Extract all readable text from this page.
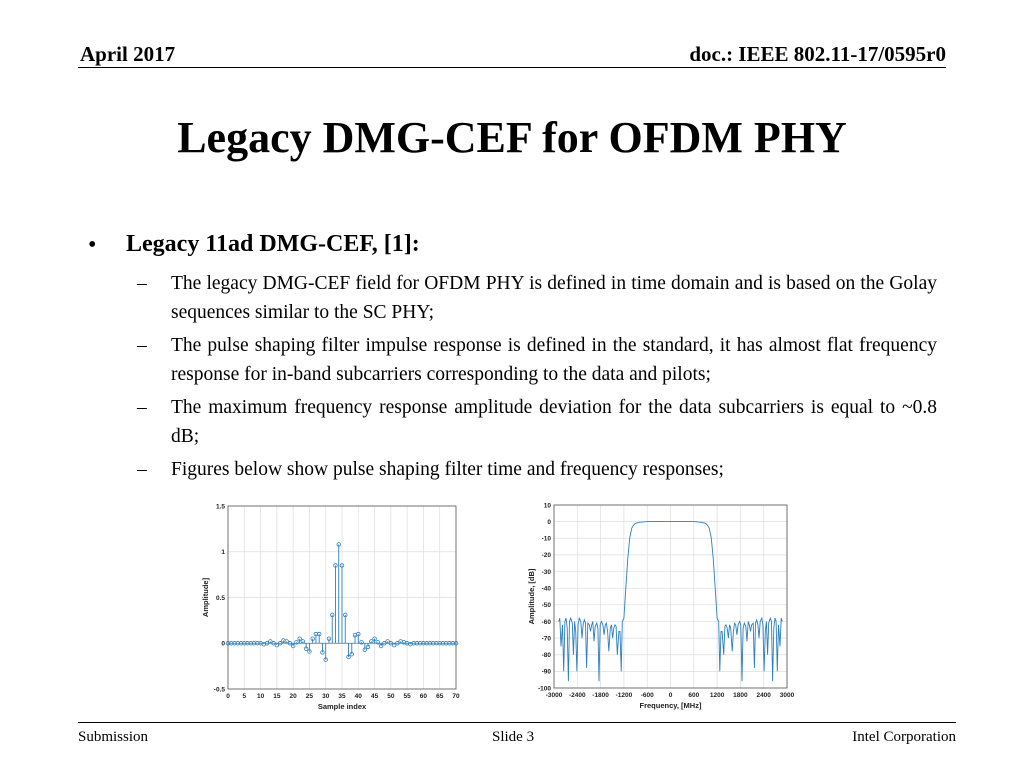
April 2017	doc.: IEEE 802.11-17/0595r0
Legacy DMG-CEF for OFDM PHY
• Legacy 11ad DMG-CEF, [1]:
– The legacy DMG-CEF field for OFDM PHY is defined in time domain and is based on the Golay sequences similar to the SC PHY;
– The pulse shaping filter impulse response is defined in the standard, it has almost flat frequency response for in-band subcarriers corresponding to the data and pilots;
– The maximum frequency response amplitude deviation for the data subcarriers is equal to ~0.8 dB;
– Figures below show pulse shaping filter time and frequency responses;
0 5 10 15 20 25 30 35 40 45 50 55 60 65 70
-0.5
0
0.5
1
1.5
Sample index
Amplitude]
-3000 -2400 -1800 -1200 -600 0 600 1200 1800 2400 3000
10
0
-10
-20
-30
-40
-50
-60
-70
-80
-90
-100
Frequency, [MHz]
Amplitude, [dB]
Submission	Slide 3	Intel Corporation
